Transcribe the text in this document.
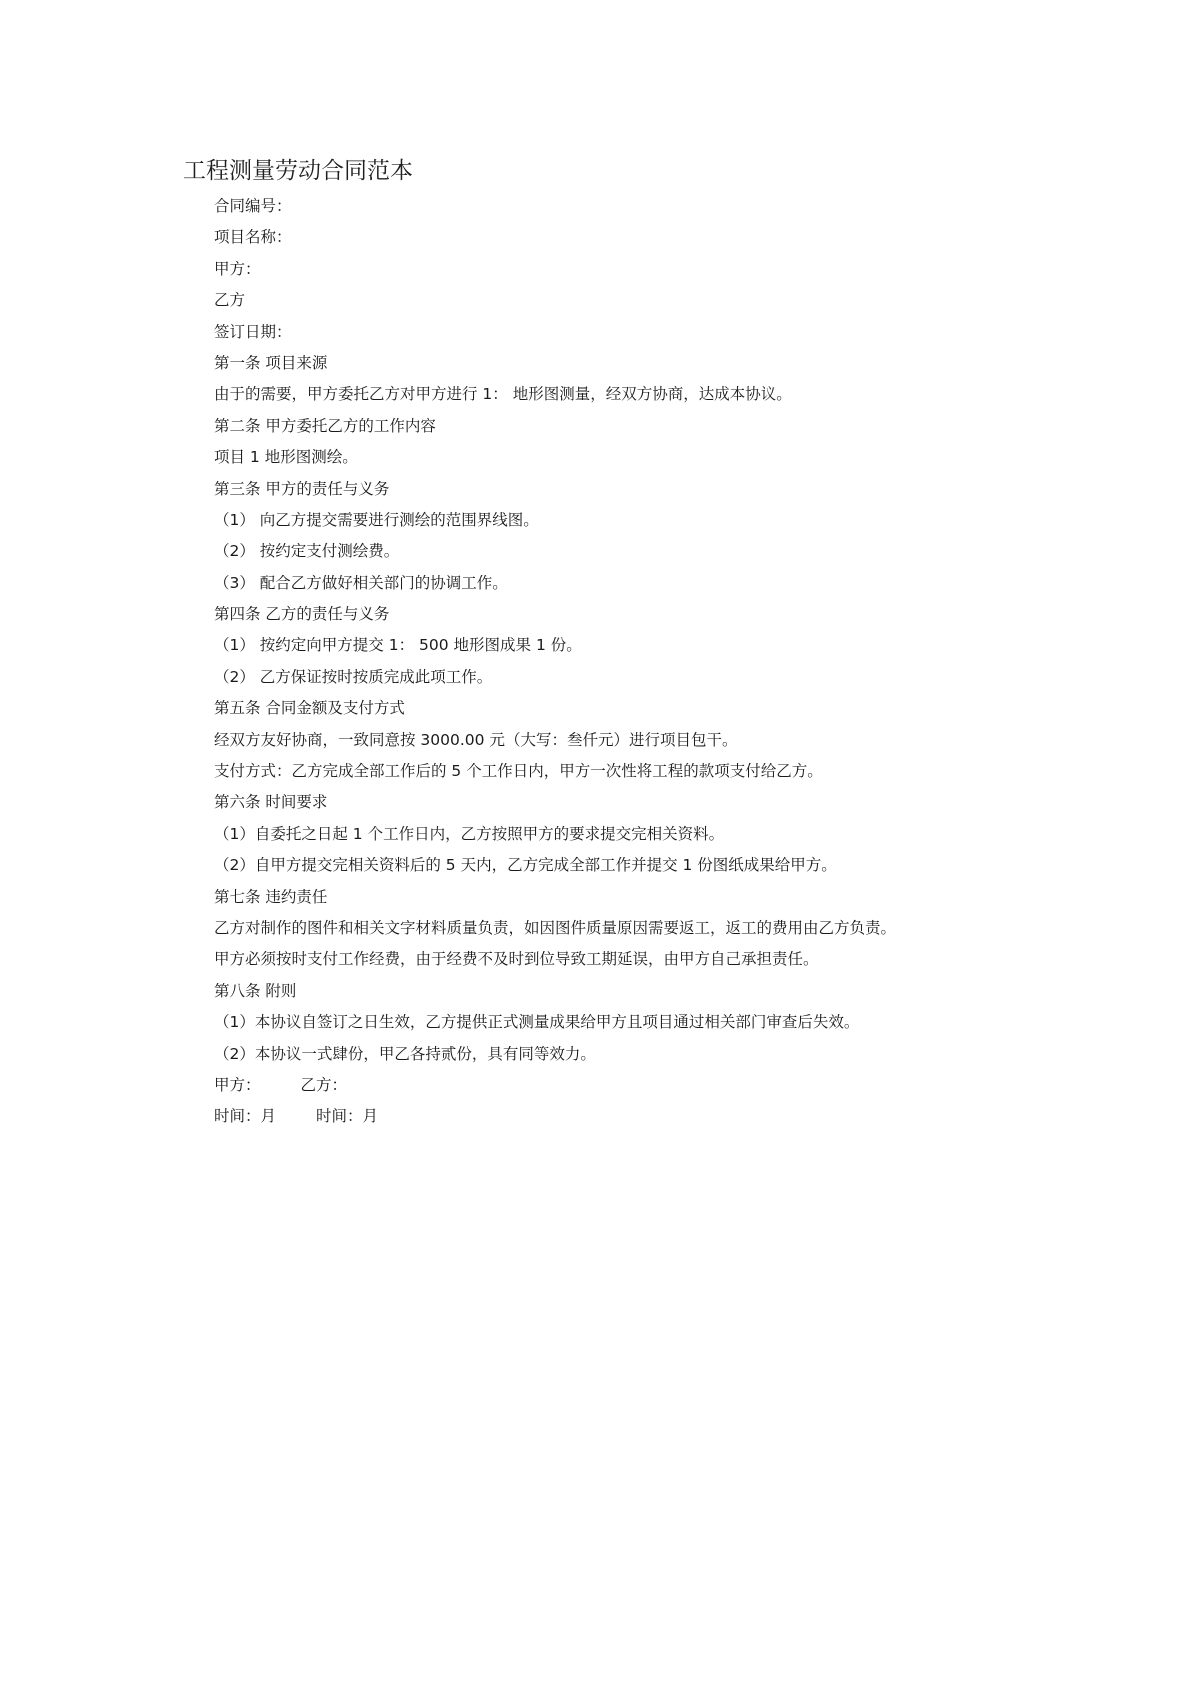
工程测量劳动合同范本
合同编号：
项目名称：
甲方：
乙方
签订日期：
第一条 项目来源
由于的需要，甲方委托乙方对甲方进行 1： 地形图测量，经双方协商，达成本协议。
第二条 甲方委托乙方的工作内容
项目 1 地形图测绘。
第三条 甲方的责任与义务
（1） 向乙方提交需要进行测绘的范围界线图。
（2） 按约定支付测绘费。
（3） 配合乙方做好相关部门的协调工作。
第四条 乙方的责任与义务
（1） 按约定向甲方提交 1： 500 地形图成果 1 份。
（2） 乙方保证按时按质完成此项工作。
第五条 合同金额及支付方式
经双方友好协商，一致同意按 3000.00 元（大写：叁仟元）进行项目包干。
支付方式：乙方完成全部工作后的 5 个工作日内，甲方一次性将工程的款项支付给乙方。
第六条 时间要求
（1）自委托之日起 1 个工作日内，乙方按照甲方的要求提交完相关资料。
（2）自甲方提交完相关资料后的 5 天内，乙方完成全部工作并提交 1 份图纸成果给甲方。
第七条 违约责任
乙方对制作的图件和相关文字材料质量负责，如因图件质量原因需要返工，返工的费用由乙方负责。
甲方必须按时支付工作经费，由于经费不及时到位导致工期延误，由甲方自己承担责任。
第八条 附则
（1）本协议自签订之日生效，乙方提供正式测量成果给甲方且项目通过相关部门审查后失效。
（2）本协议一式肆份，甲乙各持贰份，具有同等效力。
甲方：	乙方：
时间：月	时间：月
